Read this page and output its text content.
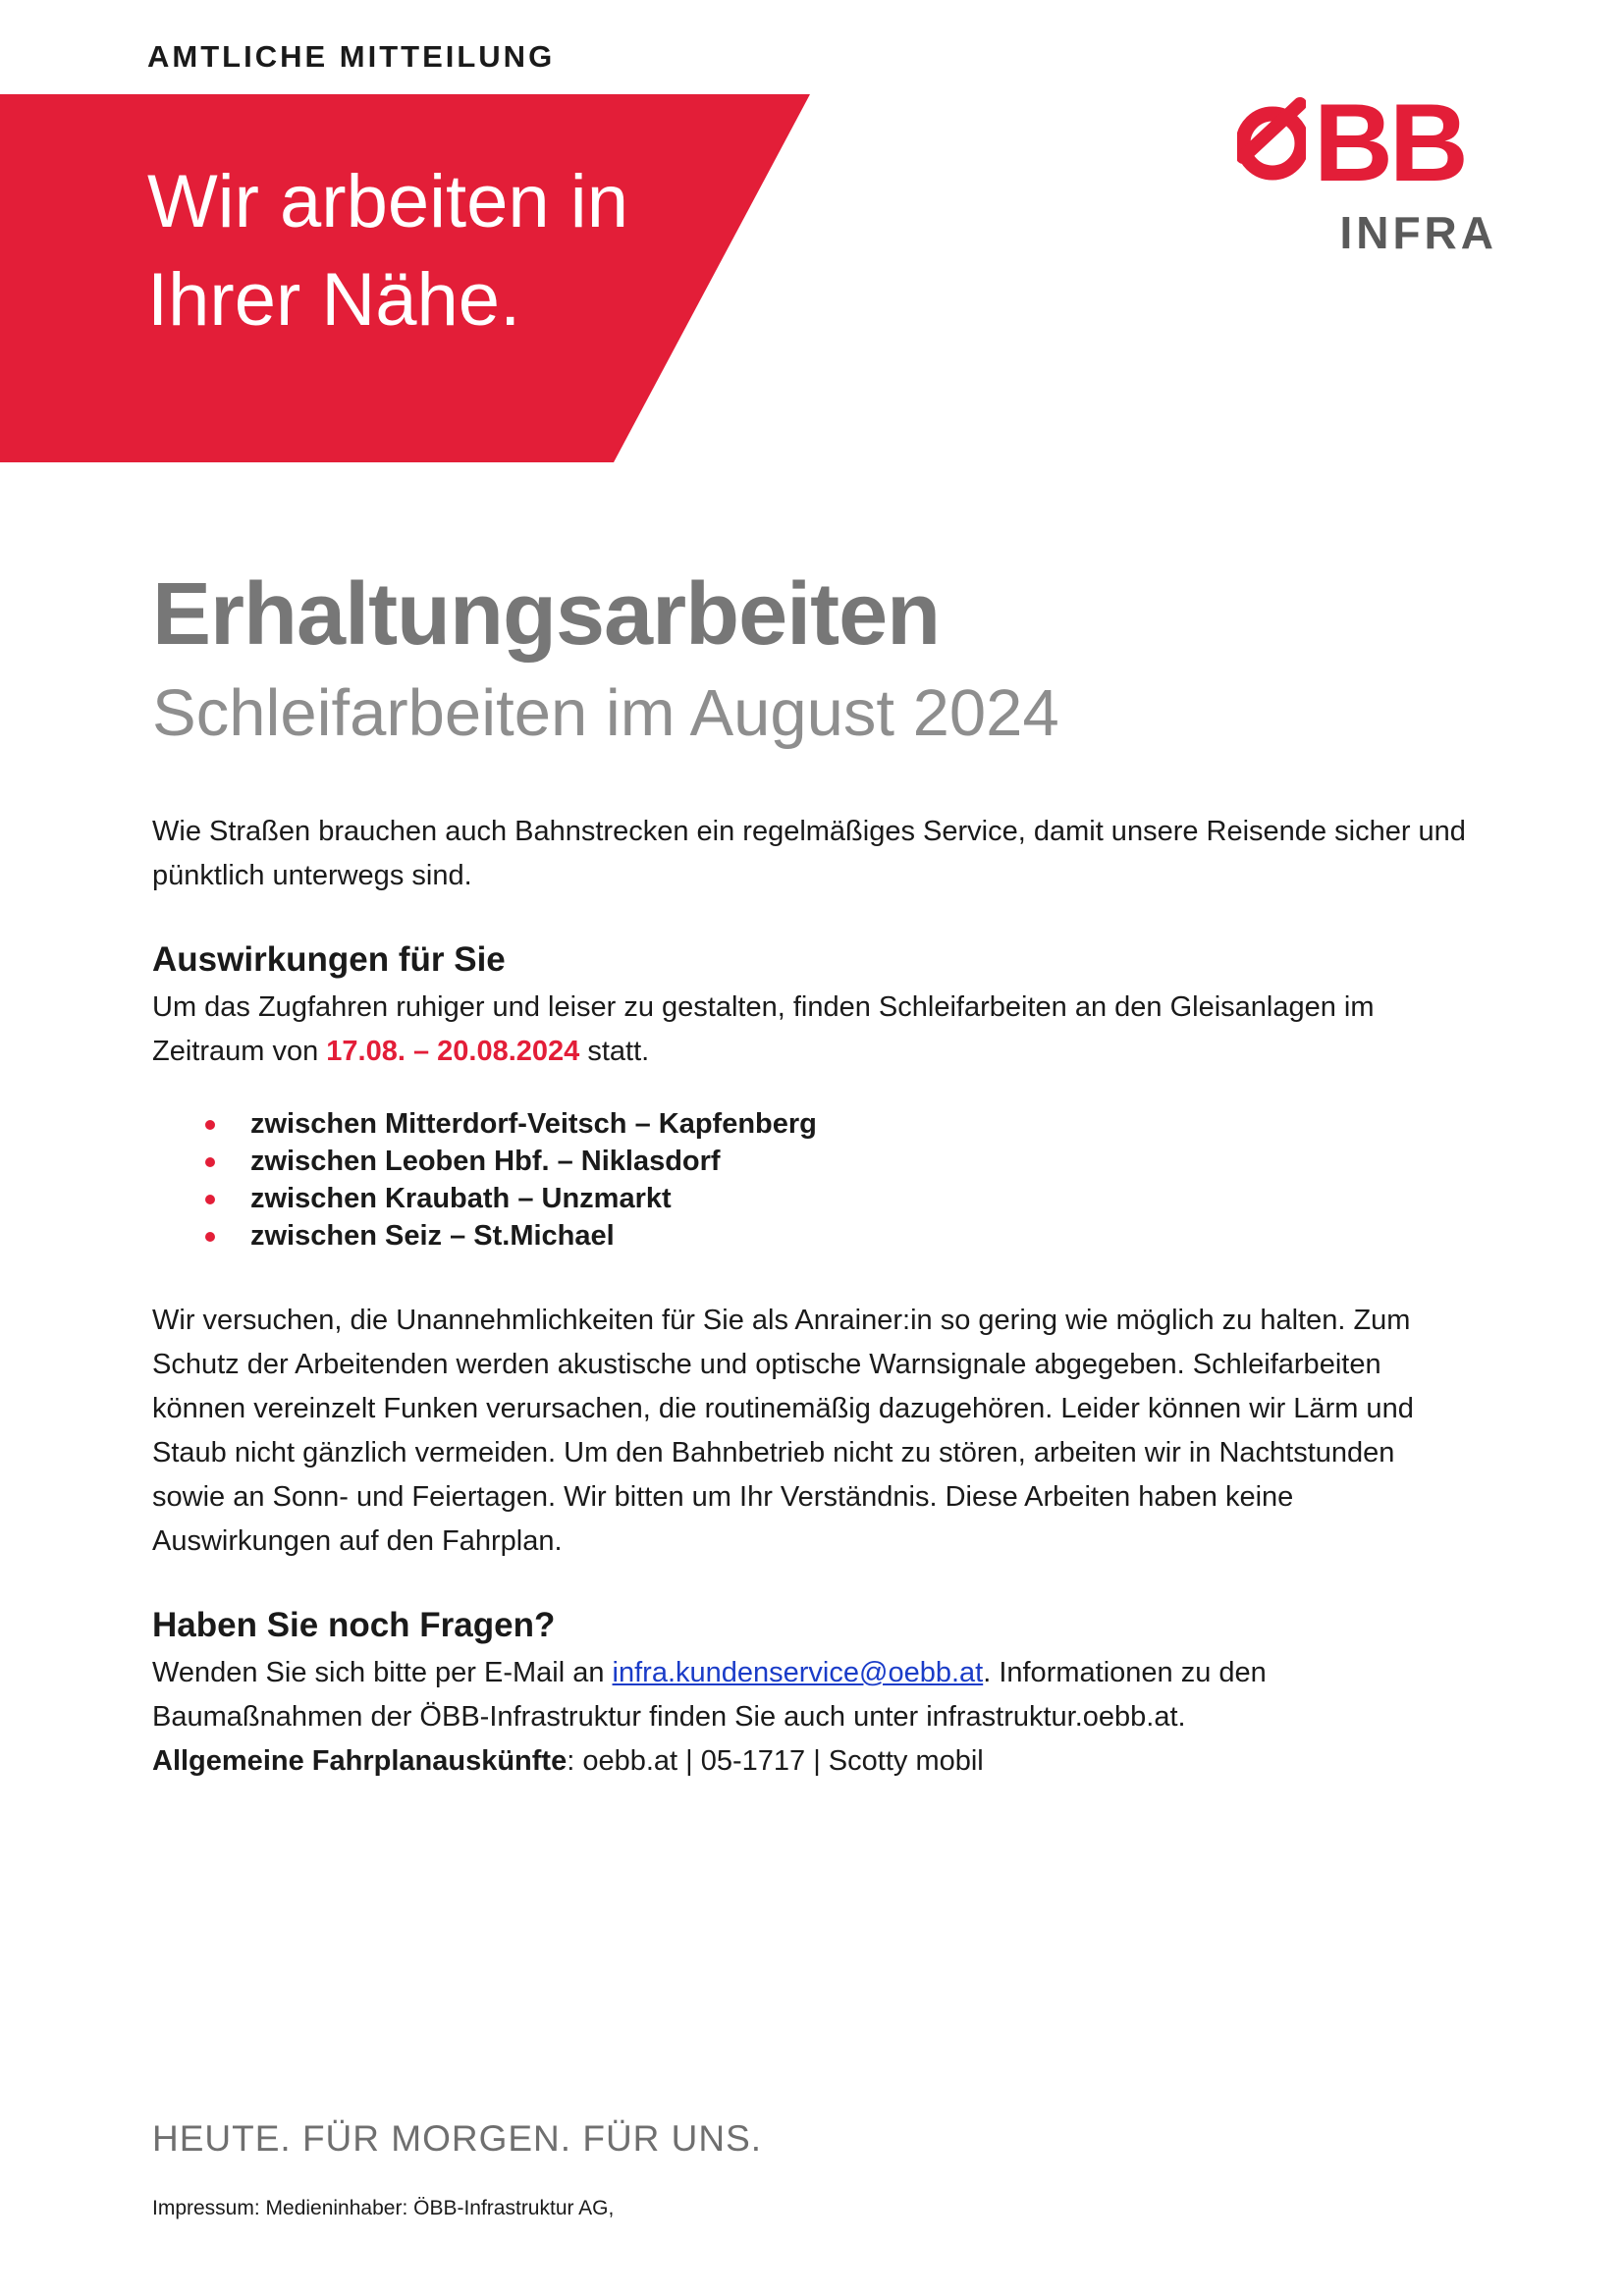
AMTLICHE MITTEILUNG
Wir arbeiten in
Ihrer Nähe.
BB
INFRA
Erhaltungsarbeiten
Schleifarbeiten im August 2024
Wie Straßen brauchen auch Bahnstrecken ein regelmäßiges Service, damit unsere Reisende sicher und pünktlich unterwegs sind.
Auswirkungen für Sie
Um das Zugfahren ruhiger und leiser zu gestalten, finden Schleifarbeiten an den Gleisanlagen im Zeitraum von 17.08. – 20.08.2024 statt.
zwischen Mitterdorf-Veitsch – Kapfenberg
zwischen Leoben Hbf. – Niklasdorf
zwischen Kraubath – Unzmarkt
zwischen Seiz – St.Michael
Wir versuchen, die Unannehmlichkeiten für Sie als Anrainer:in so gering wie möglich zu halten. Zum Schutz der Arbeitenden werden akustische und optische Warnsignale abgegeben. Schleifarbeiten können vereinzelt Funken verursachen, die routinemäßig dazugehören. Leider können wir Lärm und Staub nicht gänzlich vermeiden. Um den Bahnbetrieb nicht zu stören, arbeiten wir in Nachtstunden sowie an Sonn- und Feiertagen. Wir bitten um Ihr Verständnis. Diese Arbeiten haben keine Auswirkungen auf den Fahrplan.
Haben Sie noch Fragen?
Wenden Sie sich bitte per E-Mail an infra.kundenservice@oebb.at. Informationen zu den Baumaßnahmen der ÖBB-Infrastruktur finden Sie auch unter infrastruktur.oebb.at.
Allgemeine Fahrplanauskünfte: oebb.at | 05-1717 | Scotty mobil
HEUTE. FÜR MORGEN. FÜR UNS.
Impressum: Medieninhaber: ÖBB-Infrastruktur AG,
